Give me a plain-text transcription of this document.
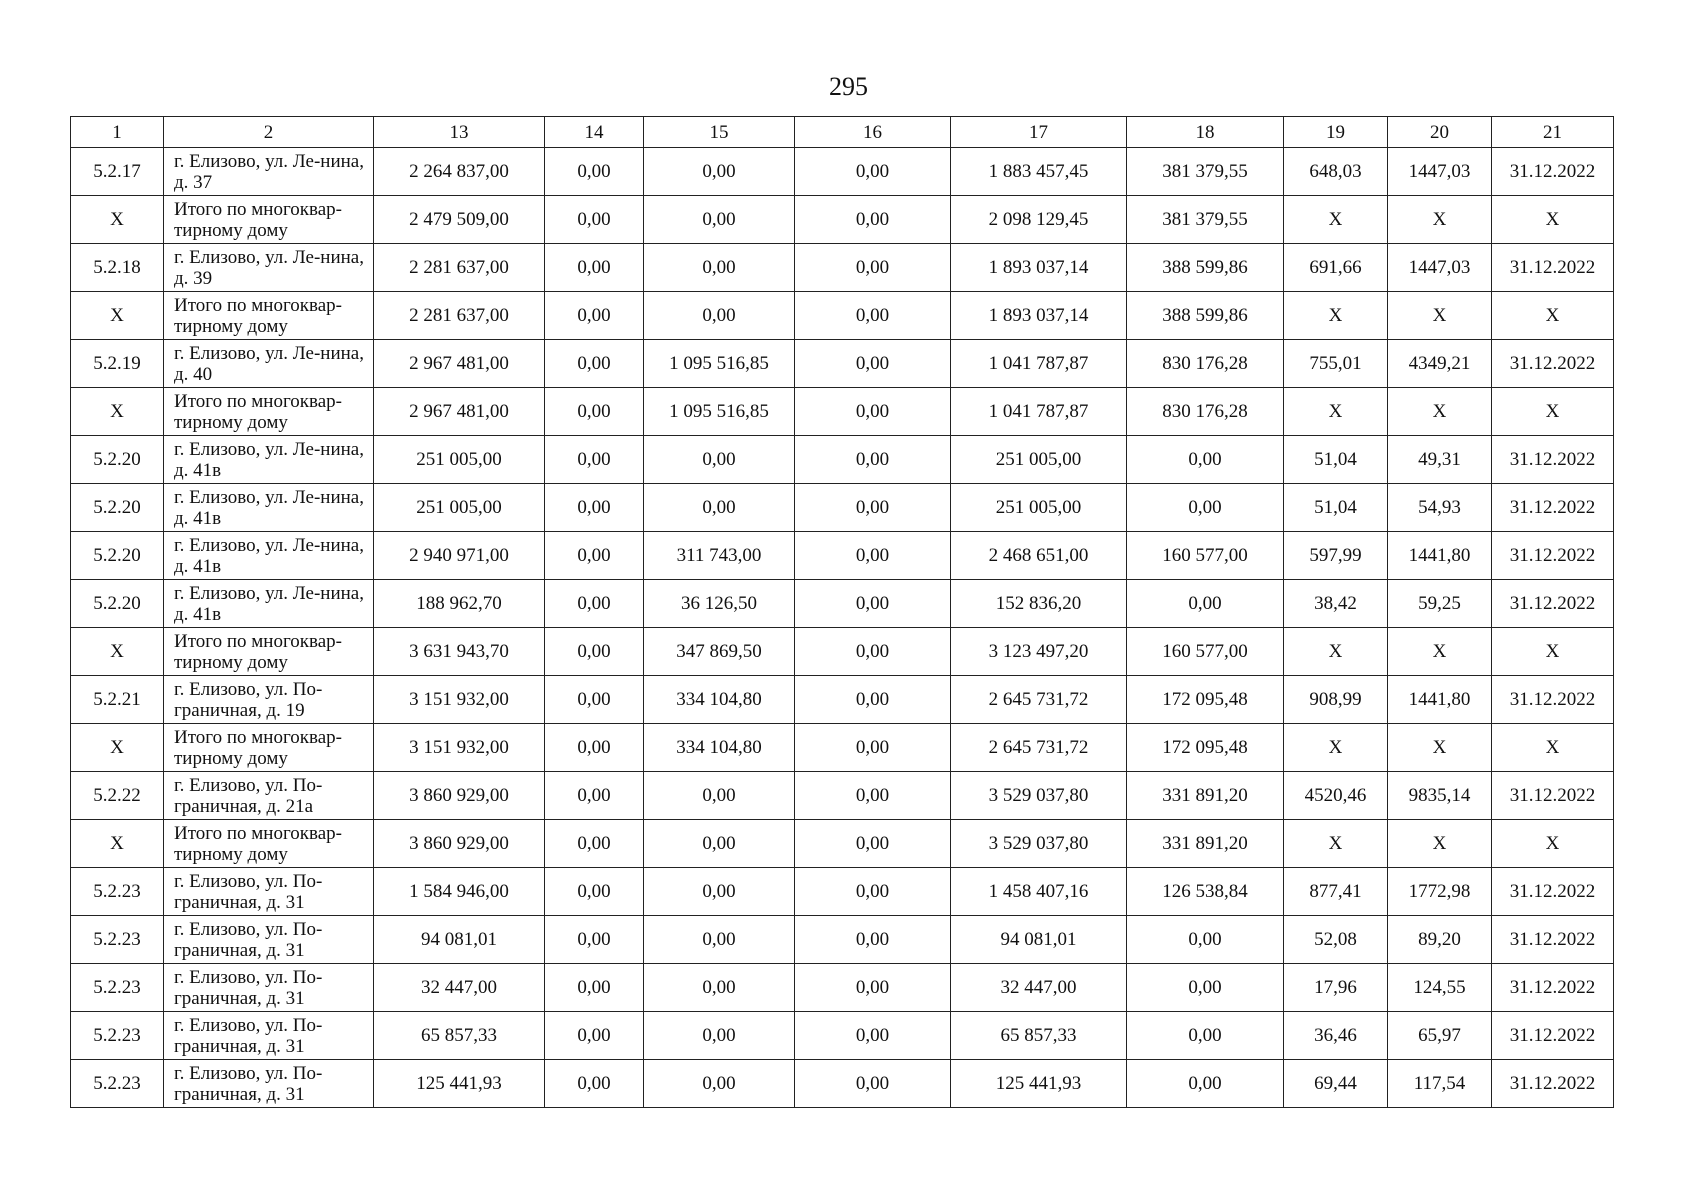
295
1	2	13	14	15	16	17	18	19	20	21
5.2.17	г. Елизово, ул. Ле-нина, д. 37	2 264 837,00	0,00	0,00	0,00	1 883 457,45	381 379,55	648,03	1447,03	31.12.2022
X	Итого по многоквар-тирному дому	2 479 509,00	0,00	0,00	0,00	2 098 129,45	381 379,55	X	X	X
5.2.18	г. Елизово, ул. Ле-нина, д. 39	2 281 637,00	0,00	0,00	0,00	1 893 037,14	388 599,86	691,66	1447,03	31.12.2022
X	Итого по многоквар-тирному дому	2 281 637,00	0,00	0,00	0,00	1 893 037,14	388 599,86	X	X	X
5.2.19	г. Елизово, ул. Ле-нина, д. 40	2 967 481,00	0,00	1 095 516,85	0,00	1 041 787,87	830 176,28	755,01	4349,21	31.12.2022
X	Итого по многоквар-тирному дому	2 967 481,00	0,00	1 095 516,85	0,00	1 041 787,87	830 176,28	X	X	X
5.2.20	г. Елизово, ул. Ле-нина, д. 41в	251 005,00	0,00	0,00	0,00	251 005,00	0,00	51,04	49,31	31.12.2022
5.2.20	г. Елизово, ул. Ле-нина, д. 41в	251 005,00	0,00	0,00	0,00	251 005,00	0,00	51,04	54,93	31.12.2022
5.2.20	г. Елизово, ул. Ле-нина, д. 41в	2 940 971,00	0,00	311 743,00	0,00	2 468 651,00	160 577,00	597,99	1441,80	31.12.2022
5.2.20	г. Елизово, ул. Ле-нина, д. 41в	188 962,70	0,00	36 126,50	0,00	152 836,20	0,00	38,42	59,25	31.12.2022
X	Итого по многоквар-тирному дому	3 631 943,70	0,00	347 869,50	0,00	3 123 497,20	160 577,00	X	X	X
5.2.21	г. Елизово, ул. По-граничная, д. 19	3 151 932,00	0,00	334 104,80	0,00	2 645 731,72	172 095,48	908,99	1441,80	31.12.2022
X	Итого по многоквар-тирному дому	3 151 932,00	0,00	334 104,80	0,00	2 645 731,72	172 095,48	X	X	X
5.2.22	г. Елизово, ул. По-граничная, д. 21а	3 860 929,00	0,00	0,00	0,00	3 529 037,80	331 891,20	4520,46	9835,14	31.12.2022
X	Итого по многоквар-тирному дому	3 860 929,00	0,00	0,00	0,00	3 529 037,80	331 891,20	X	X	X
5.2.23	г. Елизово, ул. По-граничная, д. 31	1 584 946,00	0,00	0,00	0,00	1 458 407,16	126 538,84	877,41	1772,98	31.12.2022
5.2.23	г. Елизово, ул. По-граничная, д. 31	94 081,01	0,00	0,00	0,00	94 081,01	0,00	52,08	89,20	31.12.2022
5.2.23	г. Елизово, ул. По-граничная, д. 31	32 447,00	0,00	0,00	0,00	32 447,00	0,00	17,96	124,55	31.12.2022
5.2.23	г. Елизово, ул. По-граничная, д. 31	65 857,33	0,00	0,00	0,00	65 857,33	0,00	36,46	65,97	31.12.2022
5.2.23	г. Елизово, ул. По-граничная, д. 31	125 441,93	0,00	0,00	0,00	125 441,93	0,00	69,44	117,54	31.12.2022
